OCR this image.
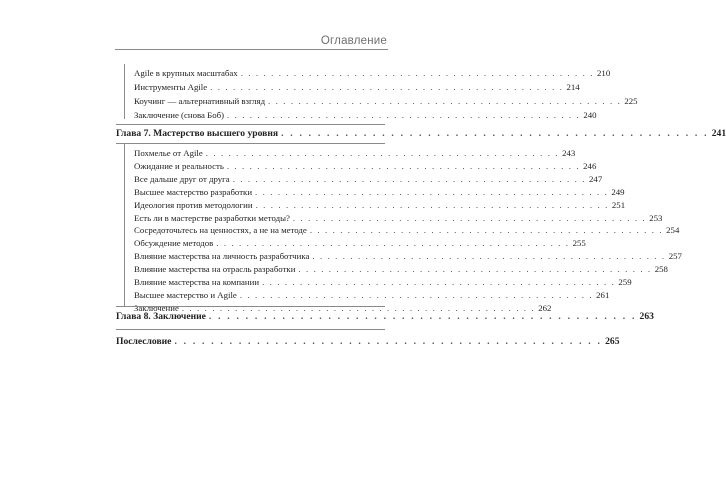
Оглавление
Agile в крупных масштабах . . . . . . . . . . . . . . . . . . . . . . . . . . . . . . . . . . . . . . . . . . . . . . . 210
Инструменты Agile . . . . . . . . . . . . . . . . . . . . . . . . . . . . . . . . . . . . . . . . . . . . . . . 214
Коучинг — альтернативный взгляд . . . . . . . . . . . . . . . . . . . . . . . . . . . . . . . . . . . . . . . . . . . . . . . 225
Заключение (снова Боб) . . . . . . . . . . . . . . . . . . . . . . . . . . . . . . . . . . . . . . . . . . . . . . . 240
Глава 7. Мастерство высшего уровня . . . . . . . . . . . . . . . . . . . . . . . . . . . . . . . . . . . . . . . . . . . . . . . 241
Похмелье от Agile . . . . . . . . . . . . . . . . . . . . . . . . . . . . . . . . . . . . . . . . . . . . . . . 243
Ожидание и реальность . . . . . . . . . . . . . . . . . . . . . . . . . . . . . . . . . . . . . . . . . . . . . . . 246
Все дальше друг от друга . . . . . . . . . . . . . . . . . . . . . . . . . . . . . . . . . . . . . . . . . . . . . . . 247
Высшее мастерство разработки . . . . . . . . . . . . . . . . . . . . . . . . . . . . . . . . . . . . . . . . . . . . . . . 249
Идеология против методологии . . . . . . . . . . . . . . . . . . . . . . . . . . . . . . . . . . . . . . . . . . . . . . . 251
Есть ли в мастерстве разработки методы? . . . . . . . . . . . . . . . . . . . . . . . . . . . . . . . . . . . . . . . . . . . . . . . 253
Сосредоточьтесь на ценностях, а не на методе . . . . . . . . . . . . . . . . . . . . . . . . . . . . . . . . . . . . . . . . . . . . . . . 254
Обсуждение методов . . . . . . . . . . . . . . . . . . . . . . . . . . . . . . . . . . . . . . . . . . . . . . . 255
Влияние мастерства на личность разработчика . . . . . . . . . . . . . . . . . . . . . . . . . . . . . . . . . . . . . . . . . . . . . . . 257
Влияние мастерства на отрасль разработки . . . . . . . . . . . . . . . . . . . . . . . . . . . . . . . . . . . . . . . . . . . . . . . 258
Влияние мастерства на компании . . . . . . . . . . . . . . . . . . . . . . . . . . . . . . . . . . . . . . . . . . . . . . . 259
Высшее мастерство и Agile . . . . . . . . . . . . . . . . . . . . . . . . . . . . . . . . . . . . . . . . . . . . . . . 261
Заключение . . . . . . . . . . . . . . . . . . . . . . . . . . . . . . . . . . . . . . . . . . . . . . . 262
Глава 8. Заключение . . . . . . . . . . . . . . . . . . . . . . . . . . . . . . . . . . . . . . . . . . . . . . . 263
Послесловие . . . . . . . . . . . . . . . . . . . . . . . . . . . . . . . . . . . . . . . . . . . . . . . 265
